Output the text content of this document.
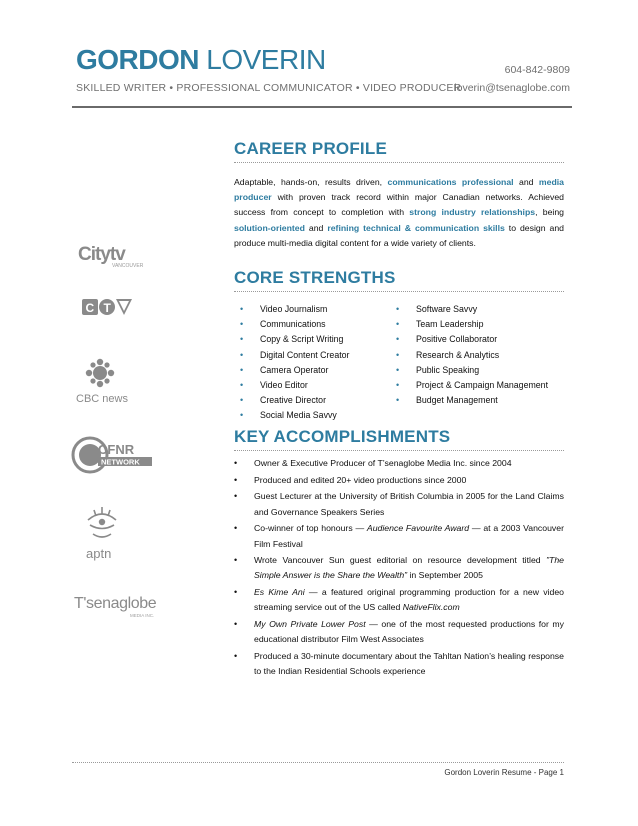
GORDON LOVERIN
SKILLED WRITER • PROFESSIONAL COMMUNICATOR • VIDEO PRODUCER
604-842-9809
loverin@tsenaglobe.com
Citytv
VANCOUVER
C T
CBC news
CFNR
NETWORK
aptn
T'senaglobe
MEDIA INC.
CAREER PROFILE

Adaptable, hands-on, results driven, communications professional and media producer with proven track record within major Canadian networks. Achieved success from concept to completion with strong industry relationships, being solution-oriented and refining technical & communication skills to design and produce multi-media digital content for a wide variety of clients.

CORE STRENGTHS
• Video Journalism
• Communications
• Copy & Script Writing
• Digital Content Creator
• Camera Operator
• Video Editor
• Creative Director
• Social Media Savvy
• Software Savvy
• Team Leadership
• Positive Collaborator
• Research & Analytics
• Public Speaking
• Project & Campaign Management
• Budget Management
KEY ACCOMPLISHMENTS
• Owner & Executive Producer of T’senaglobe Media Inc. since 2004
• Produced and edited 20+ video productions since 2000
• Guest Lecturer at the University of British Columbia in 2005 for the Land Claims and Governance Speakers Series
• Co-winner of top honours — Audience Favourite Award — at a 2003 Vancouver Film Festival
• Wrote Vancouver Sun guest editorial on resource development titled ”The Simple Answer is the Share the Wealth” in September 2005
• Es Kime Ani — a featured original programming production for a new video streaming service out of the US called NativeFlix.com
• My Own Private Lower Post — one of the most requested productions for my educational distributor Film West Associates
• Produced a 30-minute documentary about the Tahltan Nation’s healing response to the Indian Residential Schools experience
Gordon Loverin Resume - Page 1
